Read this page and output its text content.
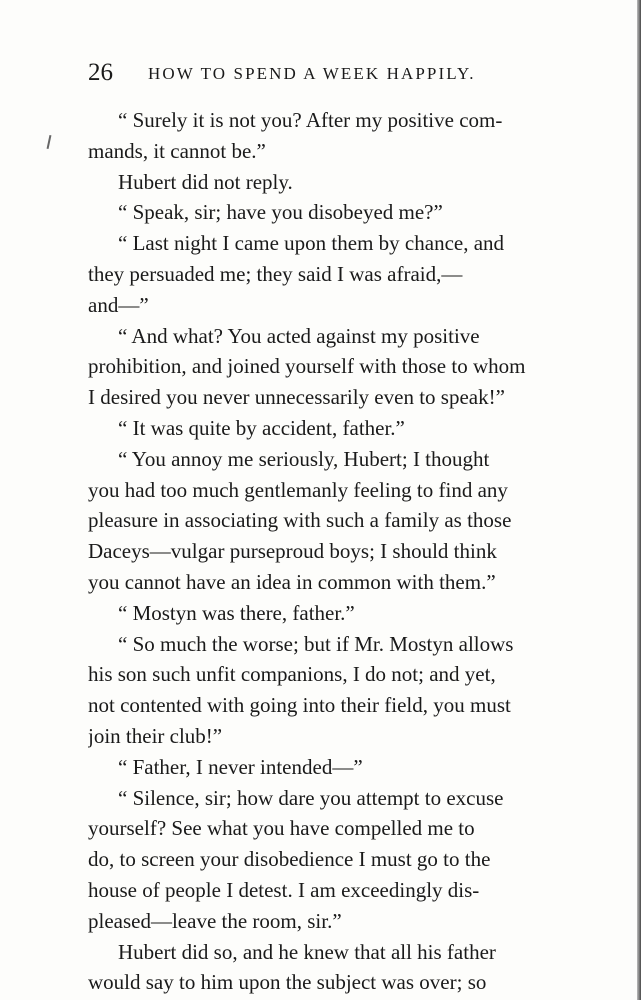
26 HOW TO SPEND A WEEK HAPPILY.
“ Surely it is not you? After my positive com-
mands, it cannot be.”
Hubert did not reply.
“ Speak, sir; have you disobeyed me?”
“ Last night I came upon them by chance, and
they persuaded me; they said I was afraid,—
and—”
“ And what? You acted against my positive
prohibition, and joined yourself with those to whom
I desired you never unnecessarily even to speak!”
“ It was quite by accident, father.”
“ You annoy me seriously, Hubert; I thought
you had too much gentlemanly feeling to find any
pleasure in associating with such a family as those
Daceys—vulgar purseproud boys; I should think
you cannot have an idea in common with them.”
“ Mostyn was there, father.”
“ So much the worse; but if Mr. Mostyn allows
his son such unfit companions, I do not; and yet,
not contented with going into their field, you must
join their club!”
“ Father, I never intended—”
“ Silence, sir; how dare you attempt to excuse
yourself? See what you have compelled me to
do, to screen your disobedience I must go to the
house of people I detest. I am exceedingly dis-
pleased—leave the room, sir.”
Hubert did so, and he knew that all his father
would say to him upon the subject was over; so
